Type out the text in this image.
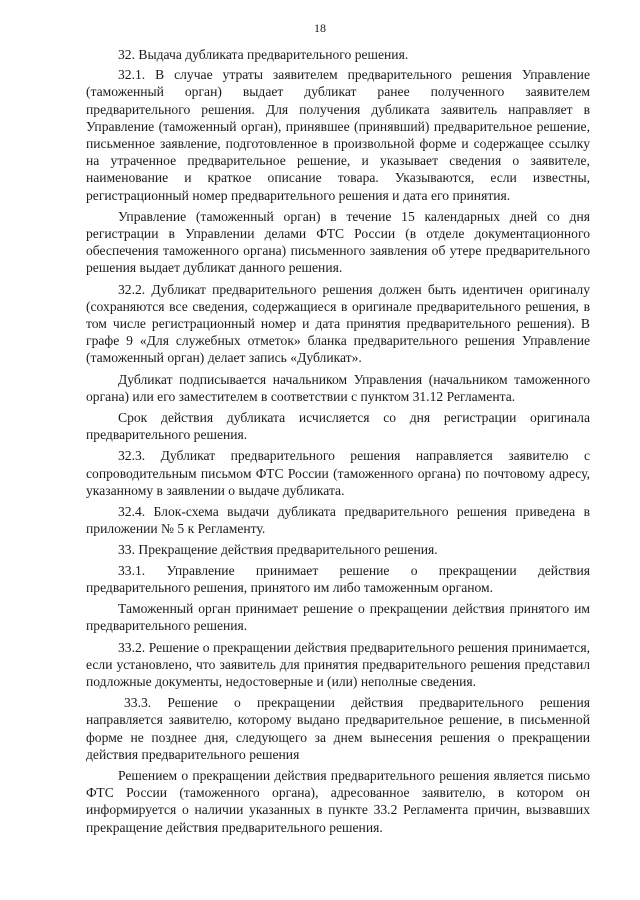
18

32. Выдача дубликата предварительного решения.

32.1. В случае утраты заявителем предварительного решения Управление (таможенный орган) выдает дубликат ранее полученного заявителем предварительного решения. Для получения дубликата заявитель направляет в Управление (таможенный орган), принявшее (принявший) предварительное решение, письменное заявление, подготовленное в произвольной форме и содержащее ссылку на утраченное предварительное решение, и указывает сведения о заявителе, наименование и краткое описание товара. Указываются, если известны, регистрационный номер предварительного решения и дата его принятия.

Управление (таможенный орган) в течение 15 календарных дней со дня регистрации в Управлении делами ФТС России (в отделе документационного обеспечения таможенного органа) письменного заявления об утере предварительного решения выдает дубликат данного решения.

32.2. Дубликат предварительного решения должен быть идентичен оригиналу (сохраняются все сведения, содержащиеся в оригинале предварительного решения, в том числе регистрационный номер и дата принятия предварительного решения). В графе 9 «Для служебных отметок» бланка предварительного решения Управление (таможенный орган) делает запись «Дубликат».

Дубликат подписывается начальником Управления (начальником таможенного органа) или его заместителем в соответствии с пунктом 31.12 Регламента.

Срок действия дубликата исчисляется со дня регистрации оригинала предварительного решения.

32.3. Дубликат предварительного решения направляется заявителю с сопроводительным письмом ФТС России (таможенного органа) по почтовому адресу, указанному в заявлении о выдаче дубликата.

32.4. Блок-схема выдачи дубликата предварительного решения приведена в приложении № 5 к Регламенту.

33. Прекращение действия предварительного решения.

33.1. Управление принимает решение о прекращении действия предварительного решения, принятого им либо таможенным органом.

Таможенный орган принимает решение о прекращении действия принятого им предварительного решения.

33.2. Решение о прекращении действия предварительного решения принимается, если установлено, что заявитель для принятия предварительного решения представил подложные документы, недостоверные и (или) неполные сведения.

33.3. Решение о прекращении действия предварительного решения направляется заявителю, которому выдано предварительное решение, в письменной форме не позднее дня, следующего за днем вынесения решения о прекращении действия предварительного решения

Решением о прекращении действия предварительного решения является письмо ФТС России (таможенного органа), адресованное заявителю, в котором он информируется о наличии указанных в пункте 33.2 Регламента причин, вызвавших прекращение действия предварительного решения.
